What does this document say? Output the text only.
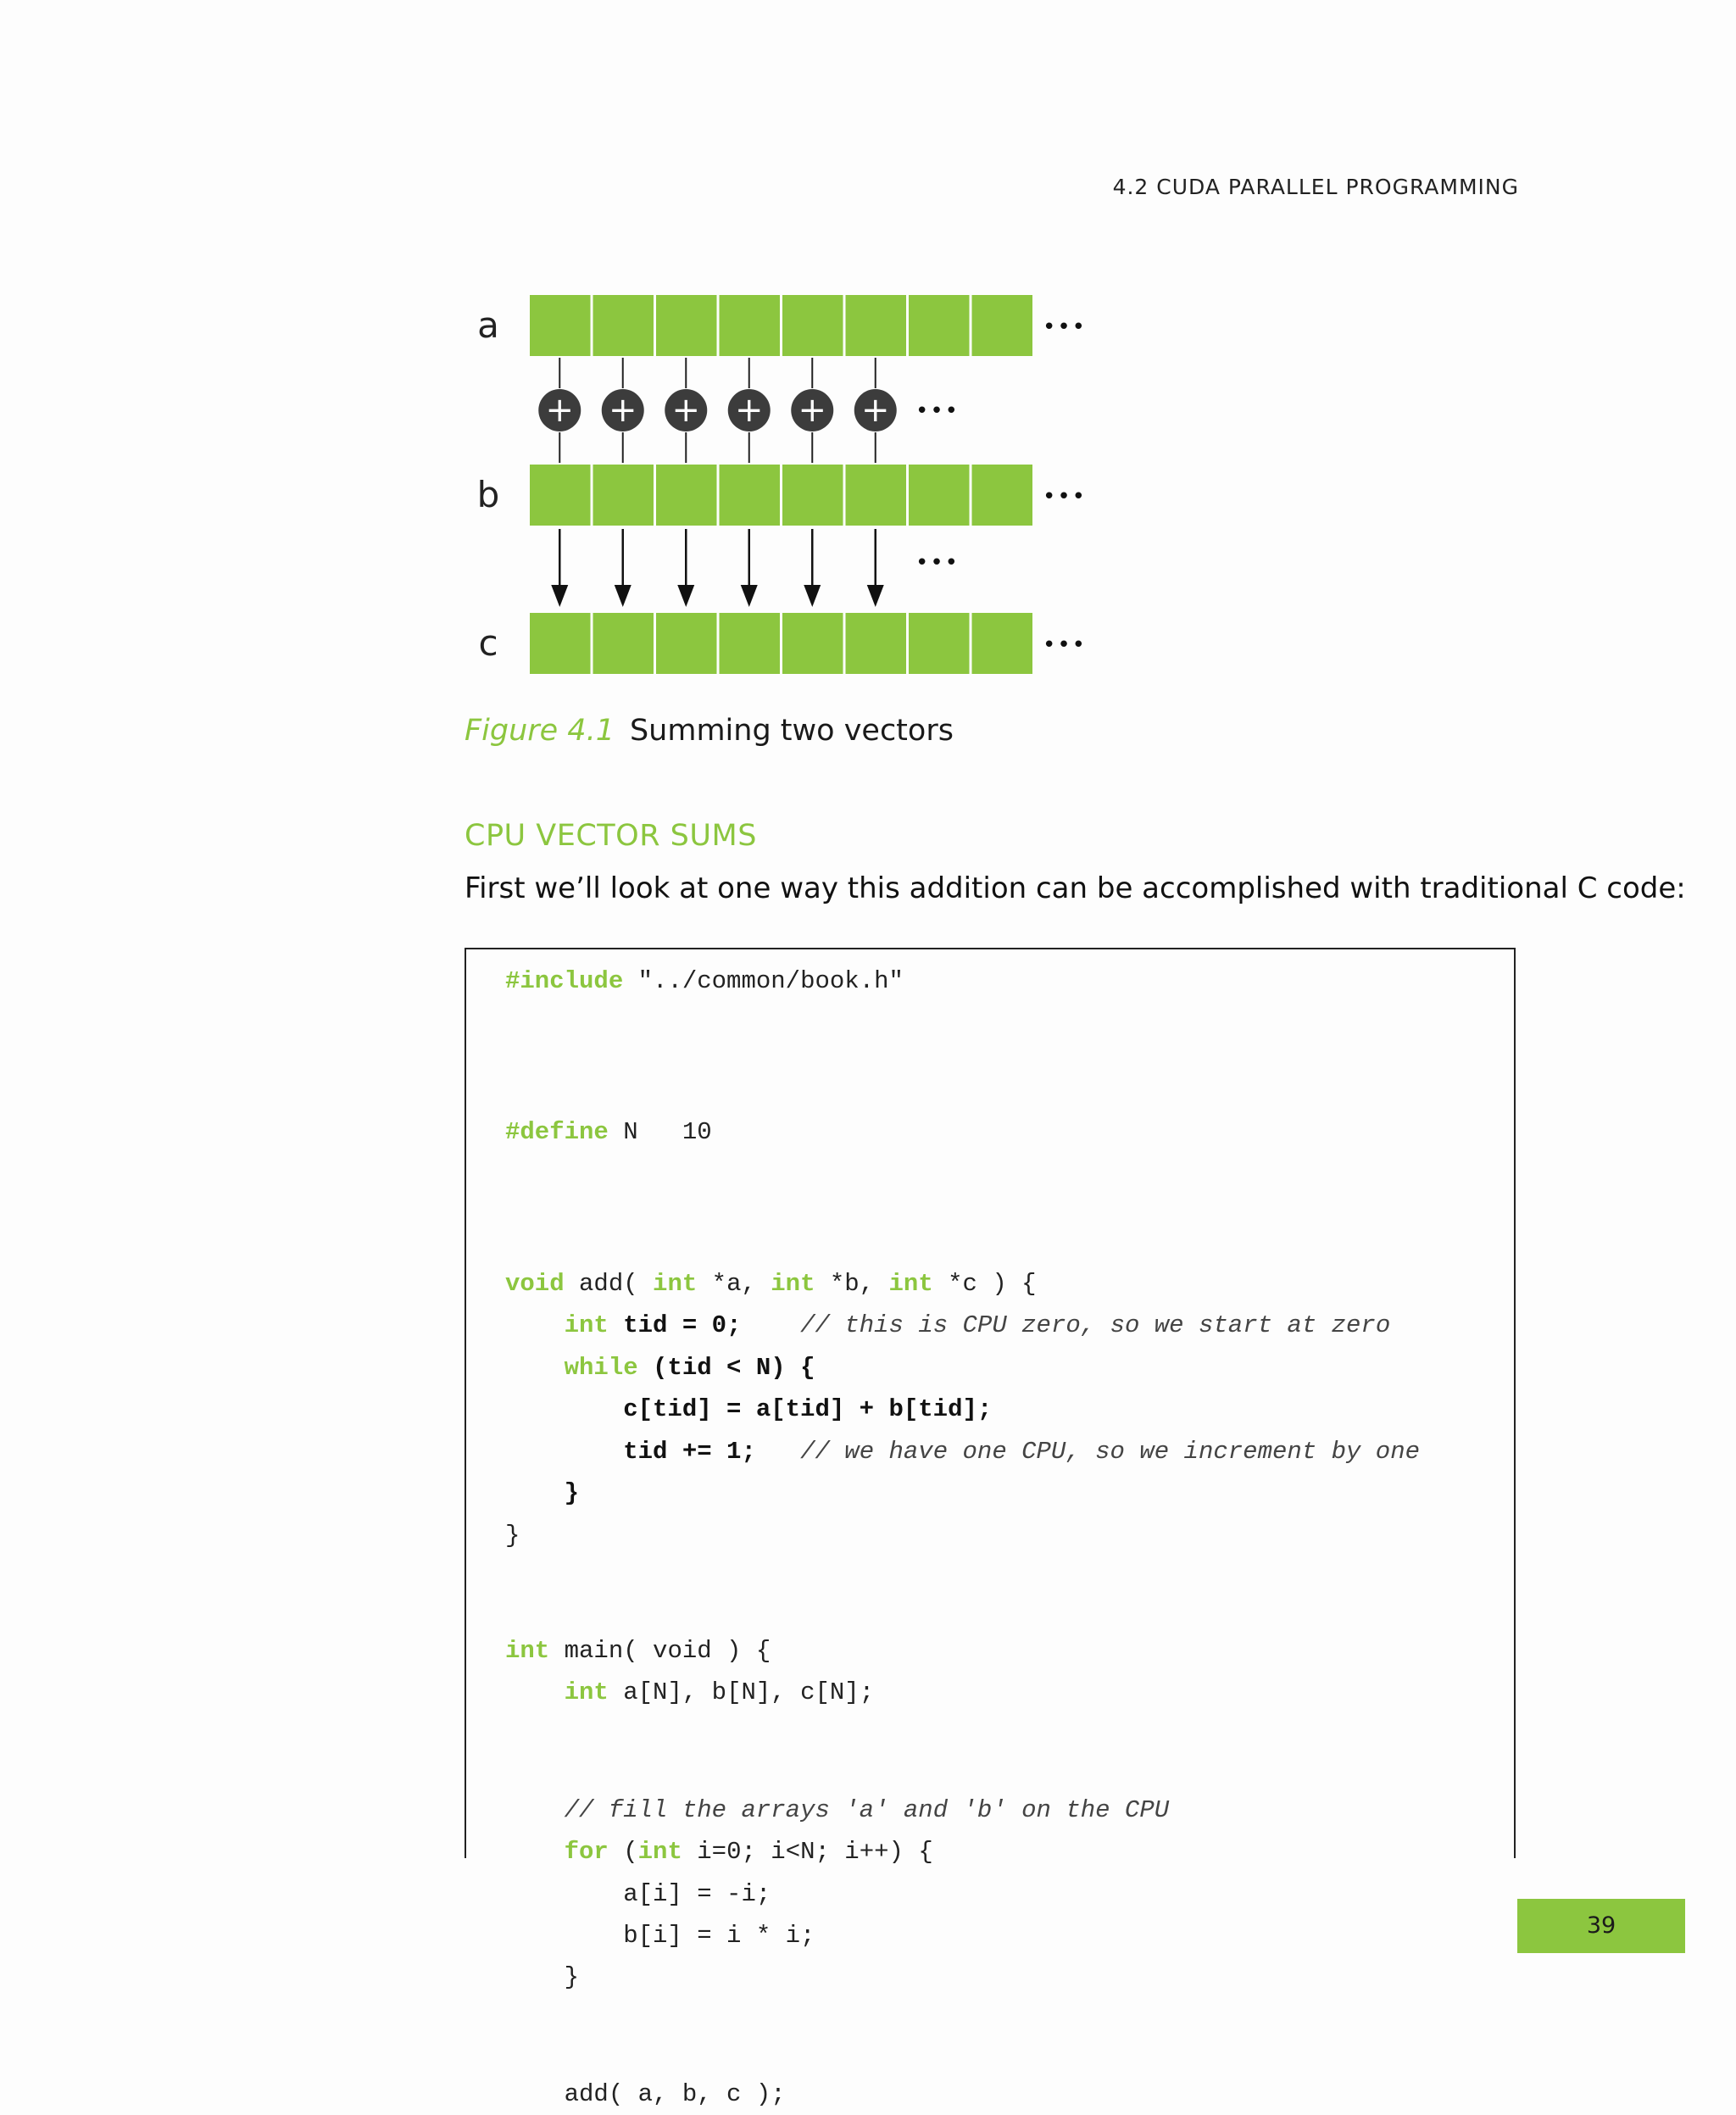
4.2 CUDA PARALLEL PROGRAMMING
a	•••
b	•••
c	•••
+ + + + + + •••
•••
Figure 4.1 Summing two vectors
CPU VECTOR SUMS
First we’ll look at one way this addition can be accomplished with traditional C code:
#include "../common/book.h"
#define N   10
void add( int *a, int *b, int *c ) {
int tid = 0; // this is CPU zero, so we start at zero
while (tid < N) {
c[tid] = a[tid] + b[tid];
tid += 1; // we have one CPU, so we increment by one
}
}
int main( void ) {
int a[N], b[N], c[N];
// fill the arrays 'a' and 'b' on the CPU
for (int i=0; i<N; i++) {
a[i] = -i;
b[i] = i * i;
}
add( a, b, c );
39
